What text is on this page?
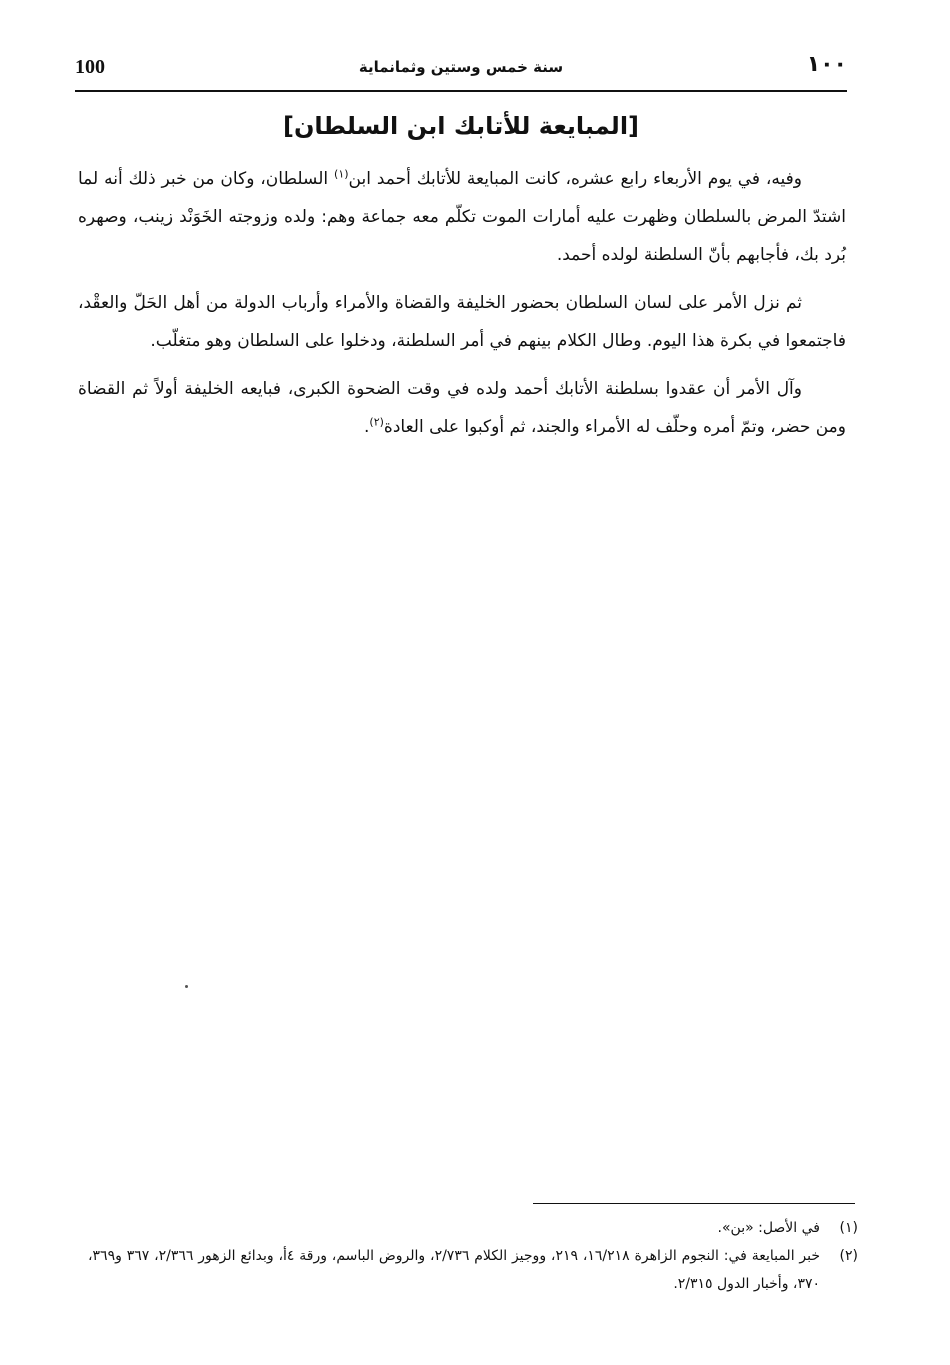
100	سنة خمس وستين وثمانماية	١٠٠
[المبايعة للأتابك ابن السلطان]

وفيه، في يوم الأربعاء رابع عشره، كانت المبايعة للأتابك أحمد ابن$^{(١)}$ السلطان، وكان من خبر ذلك أنه لما اشتدّ المرض بالسلطان وظهرت عليه أمارات الموت تكلّم معه جماعة وهم: ولده وزوجته الخَوَنْد زينب، وصهره بُرد بك، فأجابهم بأنّ السلطنة لولده أحمد.

ثم نزل الأمر على لسان السلطان بحضور الخليفة والقضاة والأمراء وأرباب الدولة من أهل الحَلّ والعقْد، فاجتمعوا في بكرة هذا اليوم. وطال الكلام بينهم في أمر السلطنة، ودخلوا على السلطان وهو متغلّب.

وآل الأمر أن عقدوا بسلطنة الأتابك أحمد ولده في وقت الضحوة الكبرى، فبايعه الخليفة أولاً ثم القضاة ومن حضر، وتمّ أمره وحلّف له الأمراء والجند، ثم أوكبوا على العادة$^{(٢)}$.

(١)
في الأصل: «بن».
(٢)
خبر المبايعة في: النجوم الزاهرة ١٦/٢١٨، ٢١٩، ووجيز الكلام ٢/٧٣٦، والروض الباسم، ورقة ٤أ، وبدائع الزهور ٢/٣٦٦، ٣٦٧ و٣٦٩، ٣٧٠، وأخبار الدول ٢/٣١٥.
